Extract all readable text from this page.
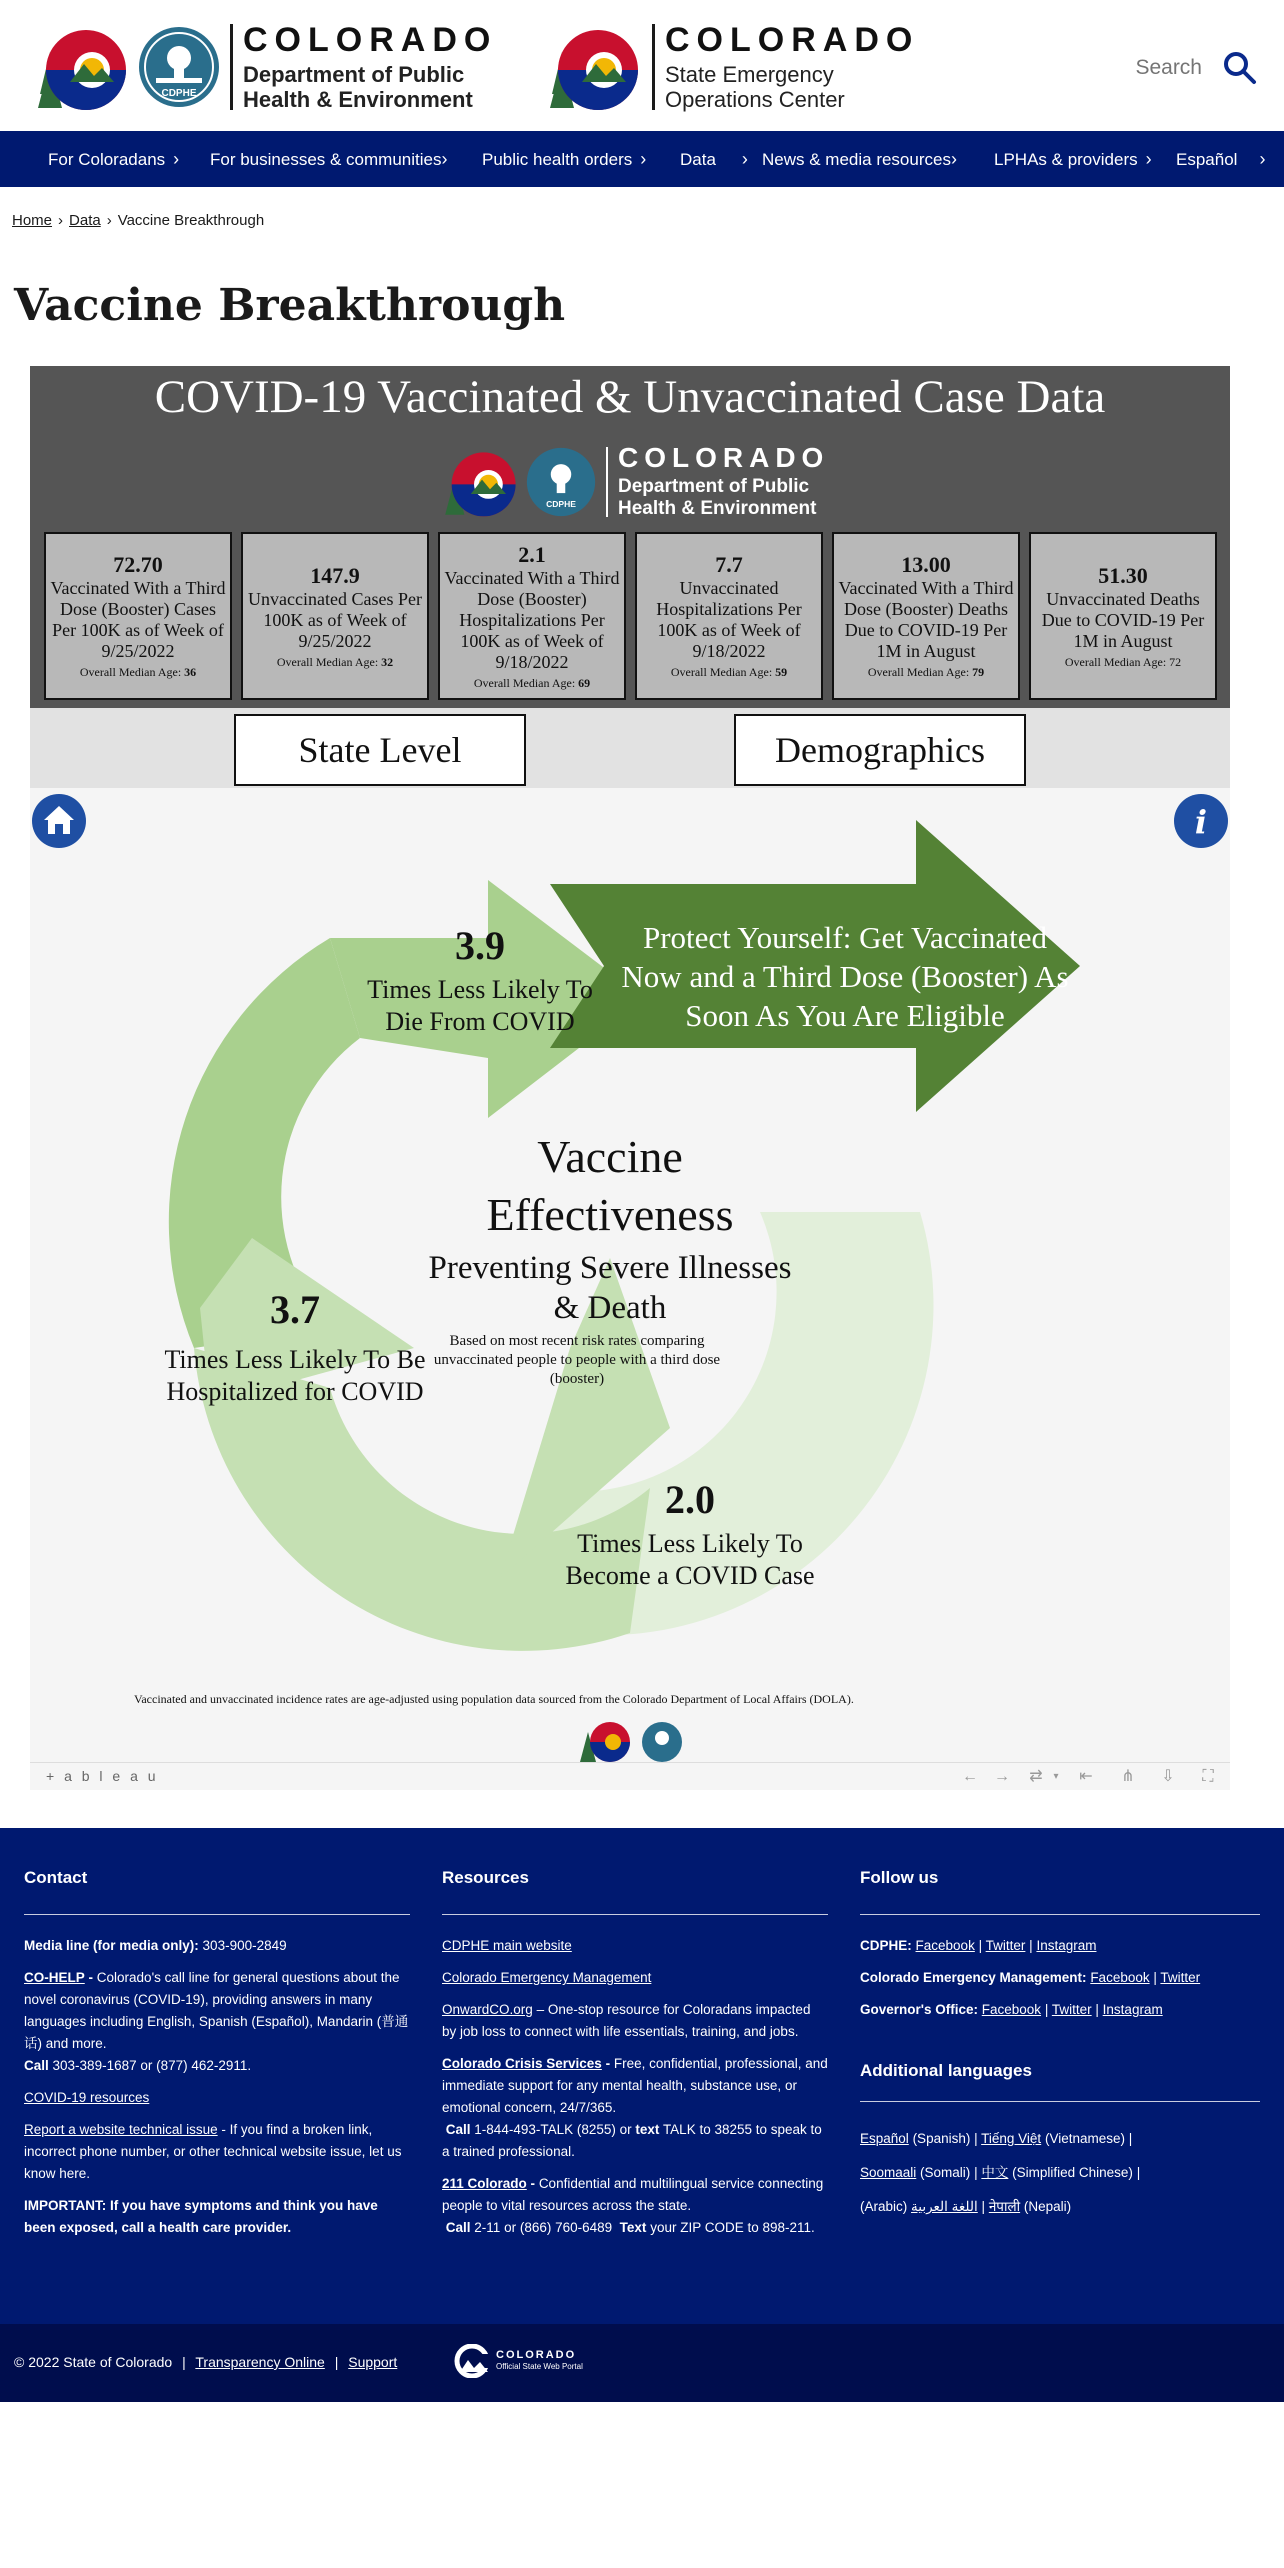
CDPHE
COLORADO
Department of Public
Health & Environment
COLORADO
State Emergency
Operations Center
Search
For Coloradans › For businesses & communities› Public health orders › Data › News & media resources› LPHAs & providers › Español ›
Home › Data › Vaccine Breakthrough
Vaccine Breakthrough
COVID-19 Vaccinated & Unvaccinated Case Data
CDPHE
COLORADO
Department of Public
Health & Environment
72.70
Vaccinated With a Third Dose (Booster) Cases Per 100K as of Week of 9/25/2022
Overall Median Age: 36
147.9
Unvaccinated Cases Per 100K as of Week of 9/25/2022
Overall Median Age: 32
2.1
Vaccinated With a Third Dose (Booster) Hospitalizations Per 100K as of Week of 9/18/2022
Overall Median Age: 69
7.7
Unvaccinated Hospitalizations Per 100K as of Week of 9/18/2022
Overall Median Age: 59
13.00
Vaccinated With a Third Dose (Booster) Deaths Due to COVID-19 Per 1M in August
Overall Median Age: 79
51.30
Unvaccinated Deaths Due to COVID-19 Per 1M in August
Overall Median Age: 72
State Level	Demographics
i
3.9
Times Less Likely To Die From COVID
Protect Yourself: Get Vaccinated Now and a Third Dose (Booster) As Soon As You Are Eligible
Vaccine Effectiveness
Preventing Severe Illnesses & Death
Based on most recent risk rates comparing unvaccinated people to people with a third dose (booster)
3.7
Times Less Likely To Be Hospitalized for COVID
2.0
Times Less Likely To Become a COVID Case
Vaccinated and unvaccinated incidence rates are age-adjusted using population data sourced from the Colorado Department of Local Affairs (DOLA).
+ a b l e a u	← → ⇄	▾	⇤ ⋔ ⇩ ⛶
Contact

Media line (for media only): 303-900-2849

CO-HELP - Colorado's call line for general questions about the novel coronavirus (COVID-19), providing answers in many languages including English, Spanish (Español), Mandarin (普通话) and more.
Call 303-389-1687 or (877) 462-2911.

COVID-19 resources

Report a website technical issue - If you find a broken link, incorrect phone number, or other technical website issue, let us know here.

IMPORTANT: If you have symptoms and think you have been exposed, call a health care provider.

Resources

CDPHE main website

Colorado Emergency Management

OnwardCO.org – One-stop resource for Coloradans impacted by job loss to connect with life essentials, training, and jobs.

Colorado Crisis Services - Free, confidential, professional, and immediate support for any mental health, substance use, or emotional concern, 24/7/365.
Call 1-844-493-TALK (8255) or text TALK to 38255 to speak to a trained professional.

211 Colorado - Confidential and multilingual service connecting people to vital resources across the state.
Call 2-11 or (866) 760-6489 Text your ZIP CODE to 898-211.

Follow us

CDPHE: Facebook | Twitter | Instagram

Colorado Emergency Management: Facebook | Twitter

Governor's Office: Facebook | Twitter | Instagram

Additional languages

Español (Spanish) | Tiếng Việt (Vietnamese) |
Soomaali (Somali) | 中文 (Simplified Chinese) |
(Arabic) اللغة العربية | नेपाली (Nepali)

© 2022 State of Colorado | Transparency Online | Support	COLORADO
Official State Web Portal
